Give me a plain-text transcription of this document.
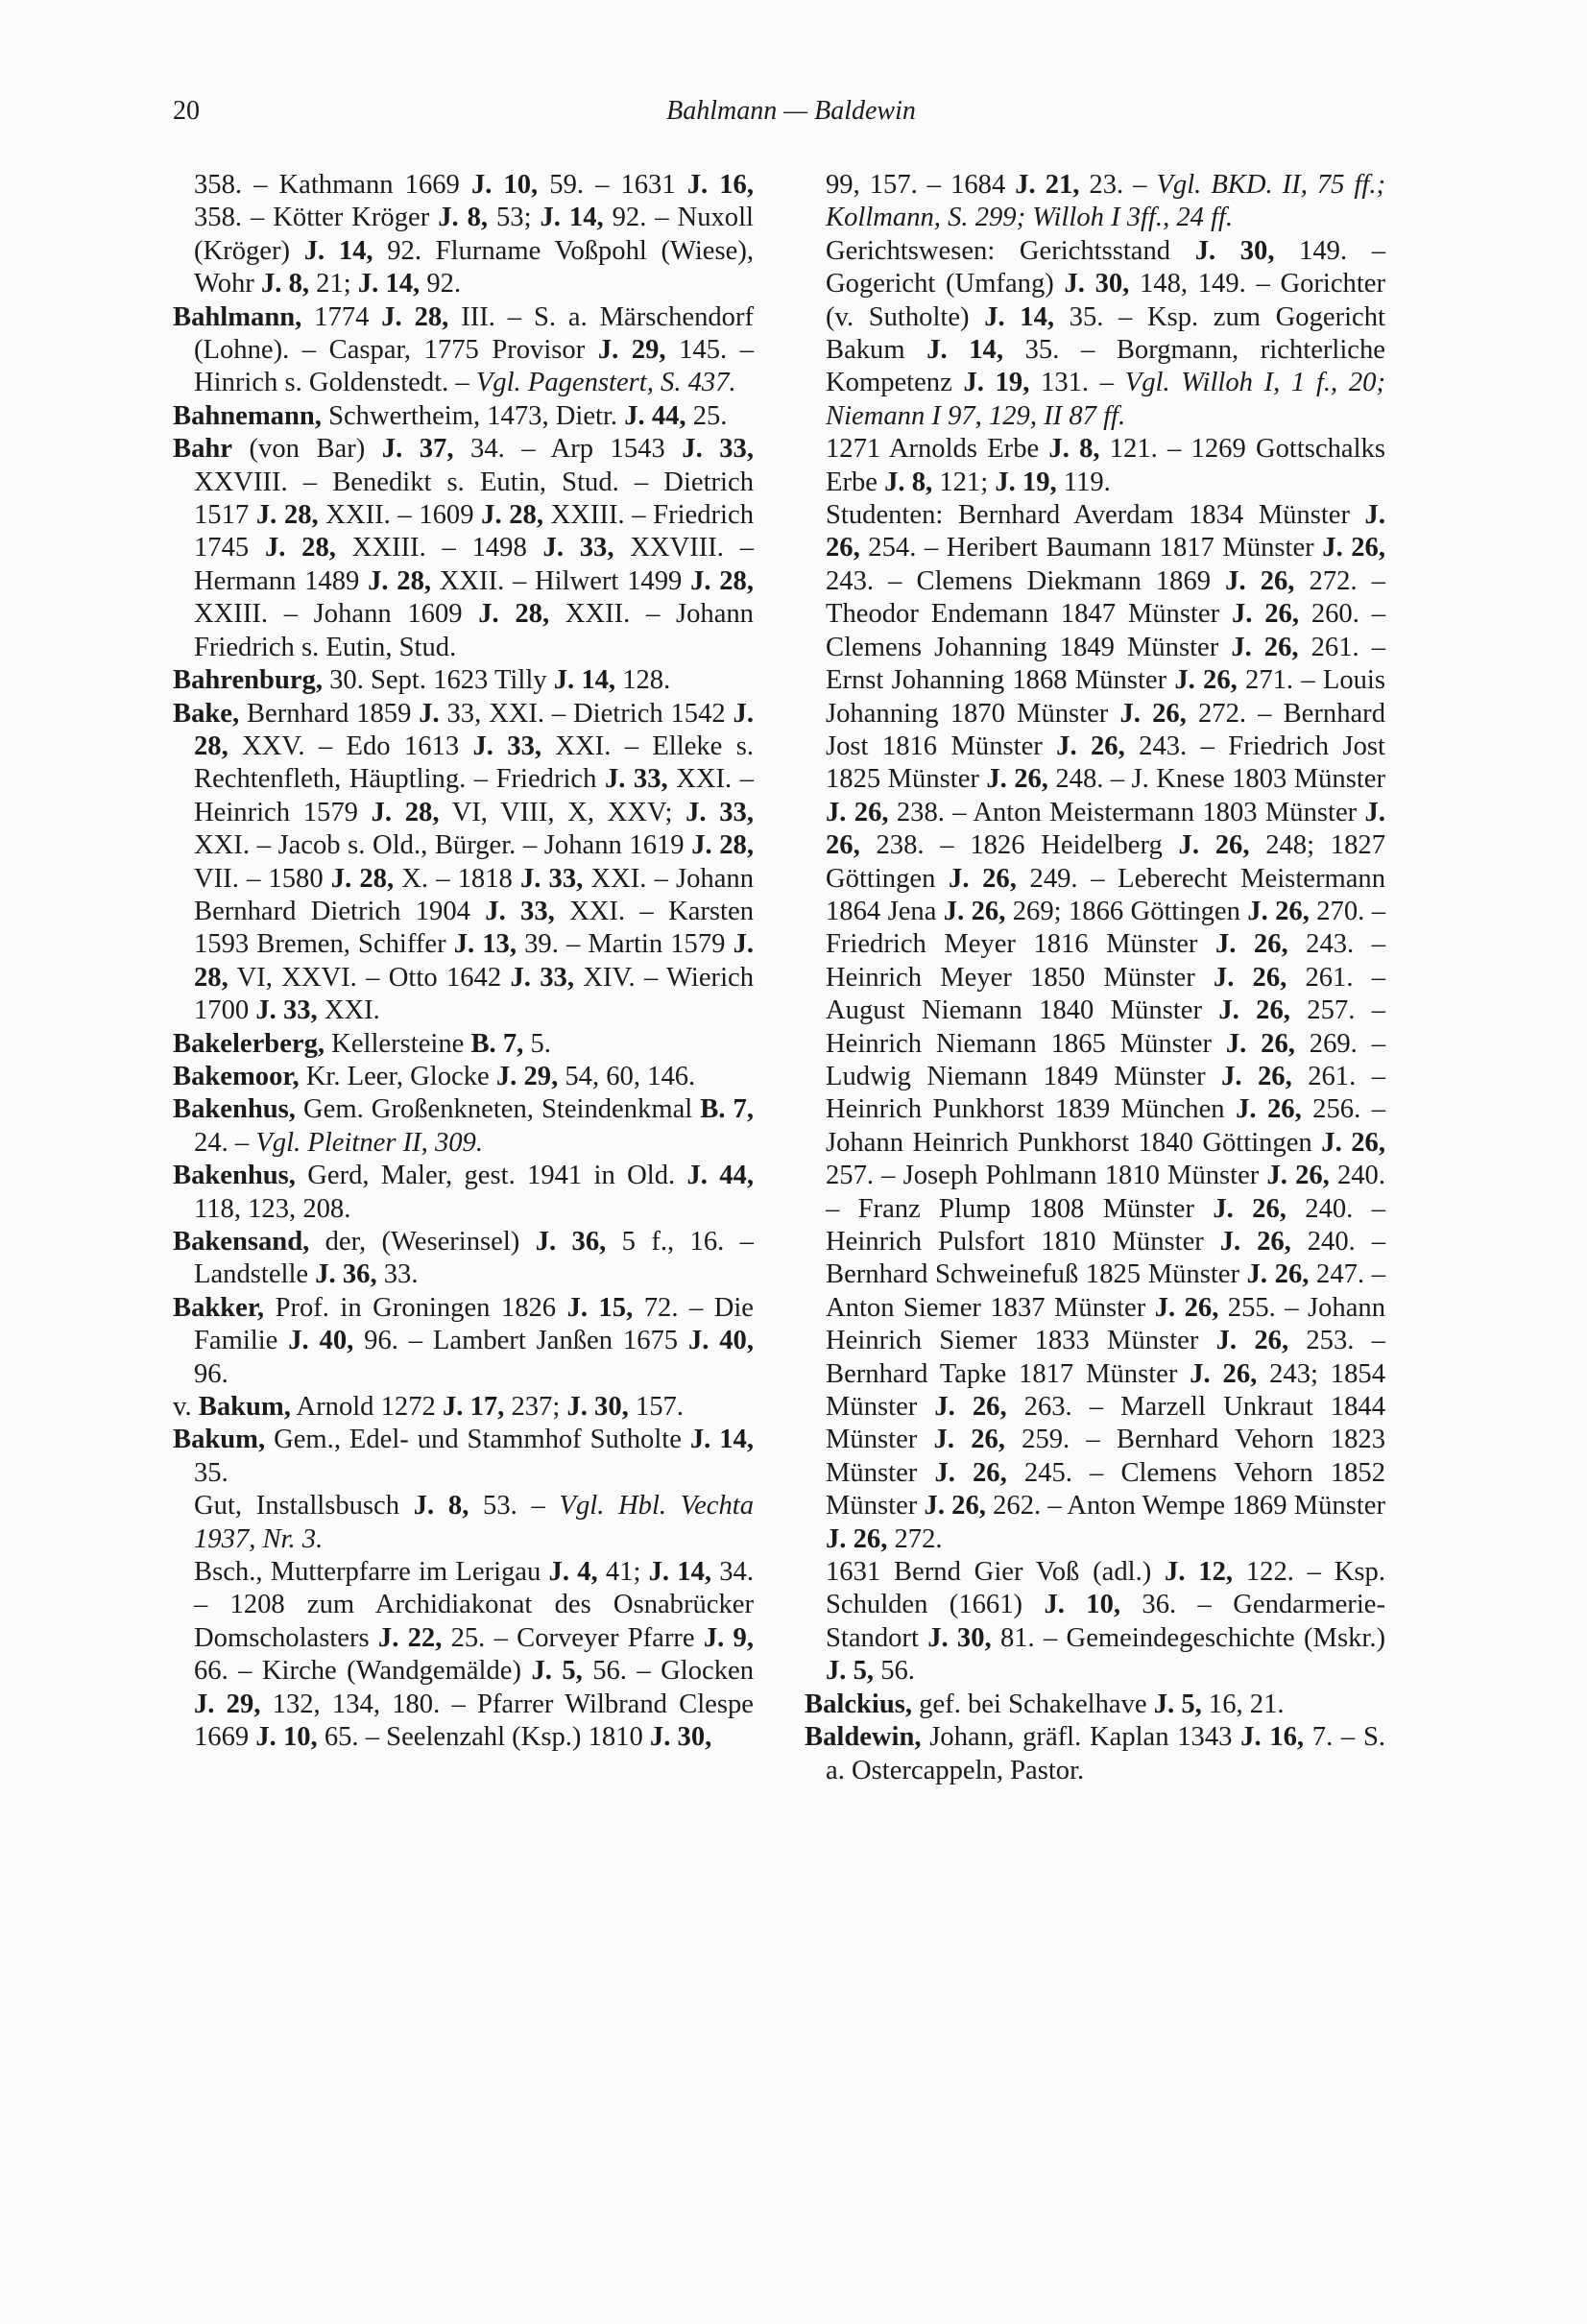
20	Bahlmann — Baldewin

358. – Kathmann 1669 J. 10, 59. – 1631 J. 16, 358. – Kötter Kröger J. 8, 53; J. 14, 92. – Nuxoll (Kröger) J. 14, 92. Flurname Voßpohl (Wiese), Wohr J. 8, 21; J. 14, 92.

Bahlmann, 1774 J. 28, III. – S. a. Märschendorf (Lohne). – Caspar, 1775 Provisor J. 29, 145. – Hinrich s. Goldenstedt. – Vgl. Pagenstert, S. 437.

Bahnemann, Schwertheim, 1473, Dietr. J. 44, 25.

Bahr (von Bar) J. 37, 34. – Arp 1543 J. 33, XXVIII. – Benedikt s. Eutin, Stud. – Dietrich 1517 J. 28, XXII. – 1609 J. 28, XXIII. – Friedrich 1745 J. 28, XXIII. – 1498 J. 33, XXVIII. – Hermann 1489 J. 28, XXII. – Hilwert 1499 J. 28, XXIII. – Johann 1609 J. 28, XXII. – Johann Friedrich s. Eutin, Stud.

Bahrenburg, 30. Sept. 1623 Tilly J. 14, 128.

Bake, Bernhard 1859 J. 33, XXI. – Dietrich 1542 J. 28, XXV. – Edo 1613 J. 33, XXI. – Elleke s. Rechtenfleth, Häuptling. – Friedrich J. 33, XXI. – Heinrich 1579 J. 28, VI, VIII, X, XXV; J. 33, XXI. – Jacob s. Old., Bürger. – Johann 1619 J. 28, VII. – 1580 J. 28, X. – 1818 J. 33, XXI. – Johann Bernhard Dietrich 1904 J. 33, XXI. – Karsten 1593 Bremen, Schiffer J. 13, 39. – Martin 1579 J. 28, VI, XXVI. – Otto 1642 J. 33, XIV. – Wierich 1700 J. 33, XXI.

Bakelerberg, Kellersteine B. 7, 5.

Bakemoor, Kr. Leer, Glocke J. 29, 54, 60, 146.

Bakenhus, Gem. Großenkneten, Steindenkmal B. 7, 24. – Vgl. Pleitner II, 309.

Bakenhus, Gerd, Maler, gest. 1941 in Old. J. 44, 118, 123, 208.

Bakensand, der, (Weserinsel) J. 36, 5 f., 16. – Landstelle J. 36, 33.

Bakker, Prof. in Groningen 1826 J. 15, 72. – Die Familie J. 40, 96. – Lambert Janßen 1675 J. 40, 96.

v. Bakum, Arnold 1272 J. 17, 237; J. 30, 157.

Bakum, Gem., Edel- und Stammhof Sutholte J. 14, 35.

Gut, Installsbusch J. 8, 53. – Vgl. Hbl. Vechta 1937, Nr. 3.

Bsch., Mutterpfarre im Lerigau J. 4, 41; J. 14, 34. – 1208 zum Archidiakonat des Osnabrücker Domscholasters J. 22, 25. – Corveyer Pfarre J. 9, 66. – Kirche (Wandgemälde) J. 5, 56. – Glocken J. 29, 132, 134, 180. – Pfarrer Wilbrand Clespe 1669 J. 10, 65. – Seelenzahl (Ksp.) 1810 J. 30,

99, 157. – 1684 J. 21, 23. – Vgl. BKD. II, 75 ff.; Kollmann, S. 299; Willoh I 3ff., 24 ff.

Gerichtswesen: Gerichtsstand J. 30, 149. – Gogericht (Umfang) J. 30, 148, 149. – Gorichter (v. Sutholte) J. 14, 35. – Ksp. zum Gogericht Bakum J. 14, 35. – Borgmann, richterliche Kompetenz J. 19, 131. – Vgl. Willoh I, 1 f., 20; Niemann I 97, 129, II 87 ff.

1271 Arnolds Erbe J. 8, 121. – 1269 Gottschalks Erbe J. 8, 121; J. 19, 119.

Studenten: Bernhard Averdam 1834 Münster J. 26, 254. – Heribert Baumann 1817 Münster J. 26, 243. – Clemens Diekmann 1869 J. 26, 272. – Theodor Endemann 1847 Münster J. 26, 260. – Clemens Johanning 1849 Münster J. 26, 261. – Ernst Johanning 1868 Münster J. 26, 271. – Louis Johanning 1870 Münster J. 26, 272. – Bernhard Jost 1816 Münster J. 26, 243. – Friedrich Jost 1825 Münster J. 26, 248. – J. Knese 1803 Münster J. 26, 238. – Anton Meistermann 1803 Münster J. 26, 238. – 1826 Heidelberg J. 26, 248; 1827 Göttingen J. 26, 249. – Leberecht Meistermann 1864 Jena J. 26, 269; 1866 Göttingen J. 26, 270. – Friedrich Meyer 1816 Münster J. 26, 243. – Heinrich Meyer 1850 Münster J. 26, 261. – August Niemann 1840 Münster J. 26, 257. – Heinrich Niemann 1865 Münster J. 26, 269. – Ludwig Niemann 1849 Münster J. 26, 261. – Heinrich Punkhorst 1839 München J. 26, 256. – Johann Heinrich Punkhorst 1840 Göttingen J. 26, 257. – Joseph Pohlmann 1810 Münster J. 26, 240. – Franz Plump 1808 Münster J. 26, 240. – Heinrich Pulsfort 1810 Münster J. 26, 240. – Bernhard Schweinefuß 1825 Münster J. 26, 247. – Anton Siemer 1837 Münster J. 26, 255. – Johann Heinrich Siemer 1833 Münster J. 26, 253. – Bernhard Tapke 1817 Münster J. 26, 243; 1854 Münster J. 26, 263. – Marzell Unkraut 1844 Münster J. 26, 259. – Bernhard Vehorn 1823 Münster J. 26, 245. – Clemens Vehorn 1852 Münster J. 26, 262. – Anton Wempe 1869 Münster J. 26, 272.

1631 Bernd Gier Voß (adl.) J. 12, 122. – Ksp. Schulden (1661) J. 10, 36. – Gendarmerie-Standort J. 30, 81. – Gemeindegeschichte (Mskr.) J. 5, 56.

Balckius, gef. bei Schakelhave J. 5, 16, 21.

Baldewin, Johann, gräfl. Kaplan 1343 J. 16, 7. – S. a. Ostercappeln, Pastor.
